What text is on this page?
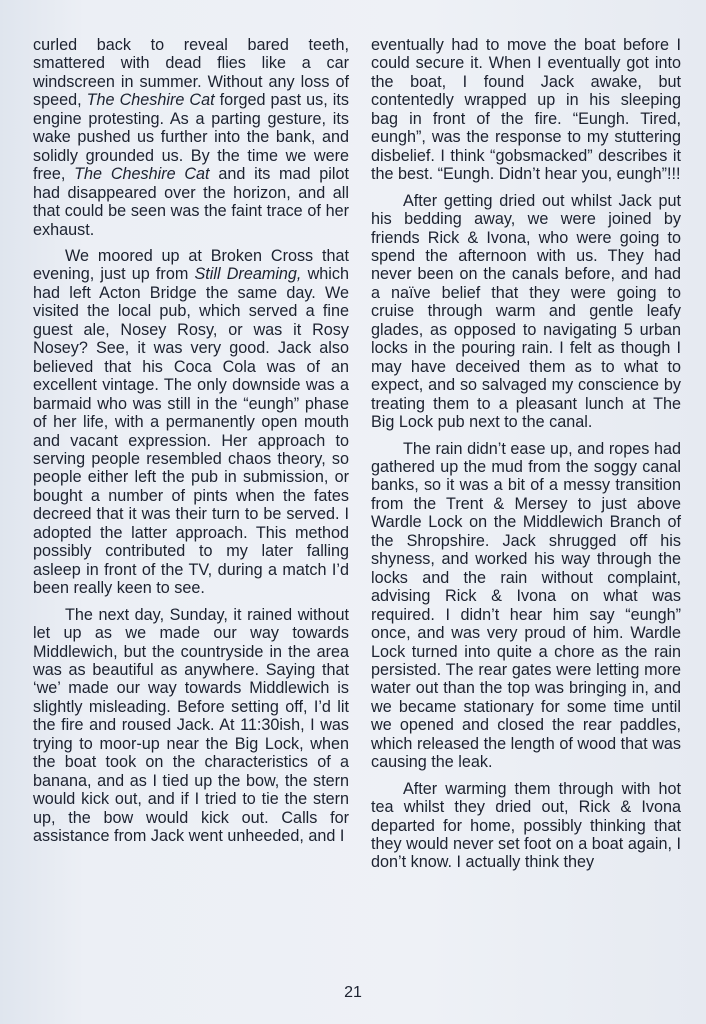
curled back to reveal bared teeth, smattered with dead flies like a car windscreen in summer. Without any loss of speed, The Cheshire Cat forged past us, its engine protesting. As a parting gesture, its wake pushed us further into the bank, and solidly grounded us. By the time we were free, The Cheshire Cat and its mad pilot had disappeared over the horizon, and all that could be seen was the faint trace of her exhaust.

We moored up at Broken Cross that evening, just up from Still Dreaming, which had left Acton Bridge the same day. We visited the local pub, which served a fine guest ale, Nosey Rosy, or was it Rosy Nosey? See, it was very good. Jack also believed that his Coca Cola was of an excellent vintage. The only downside was a barmaid who was still in the “eungh” phase of her life, with a permanently open mouth and vacant expression. Her approach to serving people resembled chaos theory, so people either left the pub in submission, or bought a number of pints when the fates decreed that it was their turn to be served. I adopted the latter approach. This method possibly contributed to my later falling asleep in front of the TV, during a match I’d been really keen to see.

The next day, Sunday, it rained without let up as we made our way towards Middlewich, but the countryside in the area was as beautiful as anywhere. Saying that ‘we’ made our way towards Middlewich is slightly misleading. Before setting off, I’d lit the fire and roused Jack. At 11:30ish, I was trying to moor-up near the Big Lock, when the boat took on the characteristics of a banana, and as I tied up the bow, the stern would kick out, and if I tried to tie the stern up, the bow would kick out. Calls for assistance from Jack went unheeded, and I

eventually had to move the boat before I could secure it. When I eventually got into the boat, I found Jack awake, but contentedly wrapped up in his sleeping bag in front of the fire. “Eungh. Tired, eungh”, was the response to my stuttering disbelief. I think “gobsmacked” describes it the best. “Eungh. Didn’t hear you, eungh”!!!

After getting dried out whilst Jack put his bedding away, we were joined by friends Rick & Ivona, who were going to spend the afternoon with us. They had never been on the canals before, and had a naïve belief that they were going to cruise through warm and gentle leafy glades, as opposed to navigating 5 urban locks in the pouring rain. I felt as though I may have deceived them as to what to expect, and so salvaged my conscience by treating them to a pleasant lunch at The Big Lock pub next to the canal.

The rain didn’t ease up, and ropes had gathered up the mud from the soggy canal banks, so it was a bit of a messy transition from the Trent & Mersey to just above Wardle Lock on the Middlewich Branch of the Shropshire. Jack shrugged off his shyness, and worked his way through the locks and the rain without complaint, advising Rick & Ivona on what was required. I didn’t hear him say “eungh” once, and was very proud of him. Wardle Lock turned into quite a chore as the rain persisted. The rear gates were letting more water out than the top was bringing in, and we became stationary for some time until we opened and closed the rear paddles, which released the length of wood that was causing the leak.

After warming them through with hot tea whilst they dried out, Rick & Ivona departed for home, possibly thinking that they would never set foot on a boat again, I don’t know. I actually think they

21
